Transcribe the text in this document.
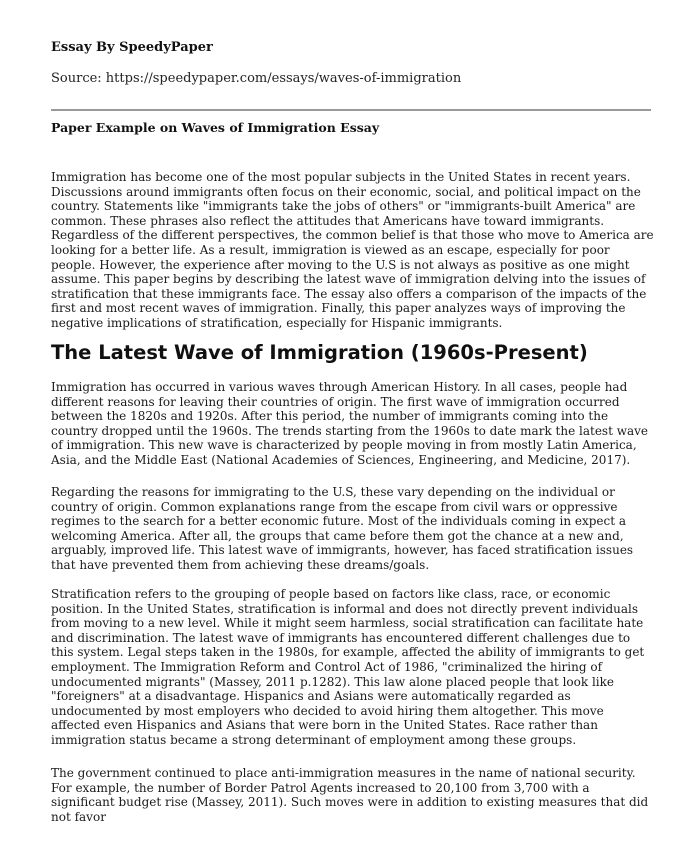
Essay By SpeedyPaper
Source: https://speedypaper.com/essays/waves-of-immigration
Paper Example on Waves of Immigration Essay

Immigration has become one of the most popular subjects in the United States in recent years. Discussions around immigrants often focus on their economic, social, and political impact on the country. Statements like "immigrants take the jobs of others" or "immigrants-built America" are common. These phrases also reflect the attitudes that Americans have toward immigrants. Regardless of the different perspectives, the common belief is that those who move to America are looking for a better life. As a result, immigration is viewed as an escape, especially for poor people. However, the experience after moving to the U.S is not always as positive as one might assume. This paper begins by describing the latest wave of immigration delving into the issues of stratification that these immigrants face. The essay also offers a comparison of the impacts of the first and most recent waves of immigration. Finally, this paper analyzes ways of improving the negative implications of stratification, especially for Hispanic immigrants.

The Latest Wave of Immigration (1960s-Present)

Immigration has occurred in various waves through American History. In all cases, people had different reasons for leaving their countries of origin. The first wave of immigration occurred between the 1820s and 1920s. After this period, the number of immigrants coming into the country dropped until the 1960s. The trends starting from the 1960s to date mark the latest wave of immigration. This new wave is characterized by people moving in from mostly Latin America, Asia, and the Middle East (National Academies of Sciences, Engineering, and Medicine, 2017).

Regarding the reasons for immigrating to the U.S, these vary depending on the individual or country of origin. Common explanations range from the escape from civil wars or oppressive regimes to the search for a better economic future. Most of the individuals coming in expect a welcoming America. After all, the groups that came before them got the chance at a new and, arguably, improved life. This latest wave of immigrants, however, has faced stratification issues that have prevented them from achieving these dreams/goals.

Stratification refers to the grouping of people based on factors like class, race, or economic position. In the United States, stratification is informal and does not directly prevent individuals from moving to a new level. While it might seem harmless, social stratification can facilitate hate and discrimination. The latest wave of immigrants has encountered different challenges due to this system. Legal steps taken in the 1980s, for example, affected the ability of immigrants to get employment. The Immigration Reform and Control Act of 1986, "criminalized the hiring of undocumented migrants" (Massey, 2011 p.1282). This law alone placed people that look like "foreigners" at a disadvantage. Hispanics and Asians were automatically regarded as undocumented by most employers who decided to avoid hiring them altogether. This move affected even Hispanics and Asians that were born in the United States. Race rather than immigration status became a strong determinant of employment among these groups.

The government continued to place anti-immigration measures in the name of national security. For example, the number of Border Patrol Agents increased to 20,100 from 3,700 with a significant budget rise (Massey, 2011). Such moves were in addition to existing measures that did not favor
